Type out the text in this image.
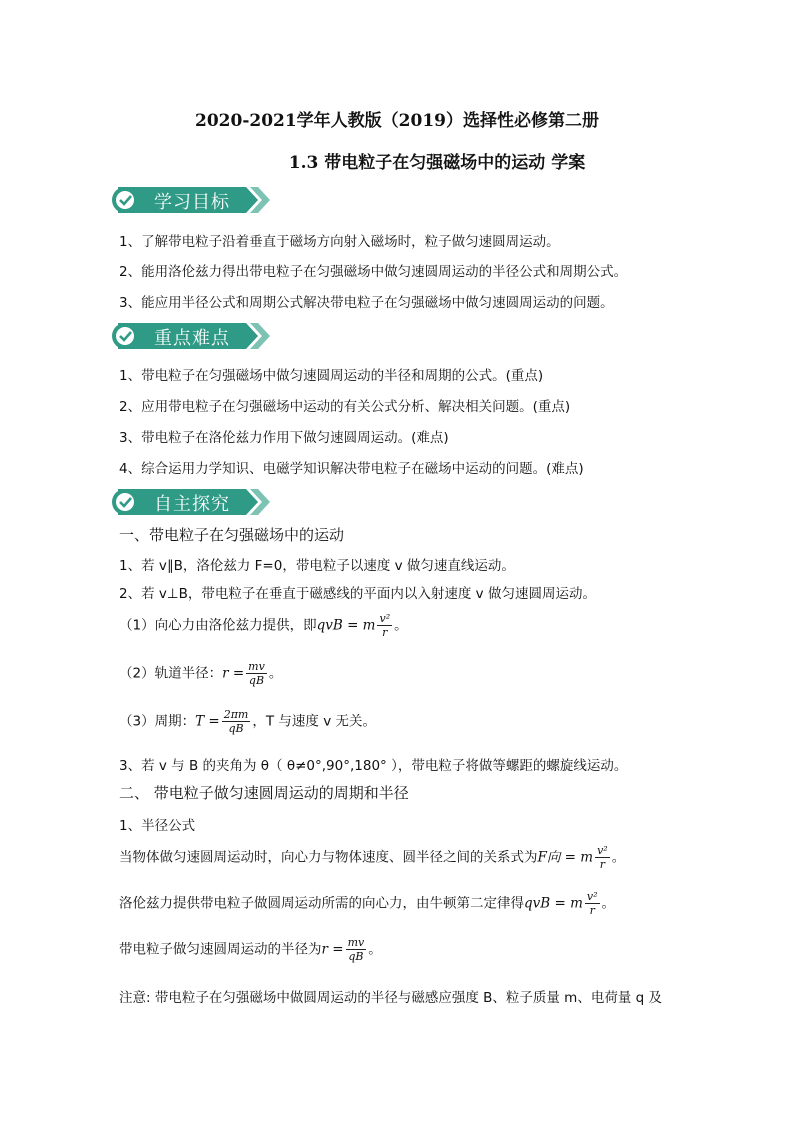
2020-2021学年人教版（2019）选择性必修第二册
1.3 带电粒子在匀强磁场中的运动 学案
学习目标
1、了解带电粒子沿着垂直于磁场方向射入磁场时，粒子做匀速圆周运动。
2、能用洛伦兹力得出带电粒子在匀强磁场中做匀速圆周运动的半径公式和周期公式。
3、能应用半径公式和周期公式解决带电粒子在匀强磁场中做匀速圆周运动的问题。
重点难点
1、带电粒子在匀强磁场中做匀速圆周运动的半径和周期的公式。(重点)
2、应用带电粒子在匀强磁场中运动的有关公式分析、解决相关问题。(重点)
3、带电粒子在洛伦兹力作用下做匀速圆周运动。(难点)
4、综合运用力学知识、电磁学知识解决带电粒子在磁场中运动的问题。(难点)
自主探究
一、带电粒子在匀强磁场中的运动
1、若 v∥B，洛伦兹力 F=0，带电粒子以速度 v 做匀速直线运动。
2、若 v⊥B，带电粒子在垂直于磁感线的平面内以入射速度 v 做匀速圆周运动。
（1）向心力由洛伦兹力提供，即qvB = m $\frac{\text{v²}}{r}$ 。
（2）轨道半径：$r = \frac{mv}{qB}$ 。
（3）周期：$T = \frac{2\pi m}{qB}$ ，T 与速度 v 无关。
3、若 v 与 B 的夹角为 θ（ θ≠0°,90°,180° ），带电粒子将做等螺距的螺旋线运动。
二、 带电粒子做匀速圆周运动的周期和半径
1、半径公式
当物体做匀速圆周运动时，向心力与物体速度、圆半径之间的关系式为F向 = m $\frac{\text{v²}}{r}$ 。
洛伦兹力提供带电粒子做圆周运动所需的向心力，由牛顿第二定律得qvB = m $\frac{\text{v²}}{r}$ 。
带电粒子做匀速圆周运动的半径为$r = \frac{mv}{qB}$ 。
注意: 带电粒子在匀强磁场中做圆周运动的半径与磁感应强度 B、粒子质量 m、电荷量 q 及
